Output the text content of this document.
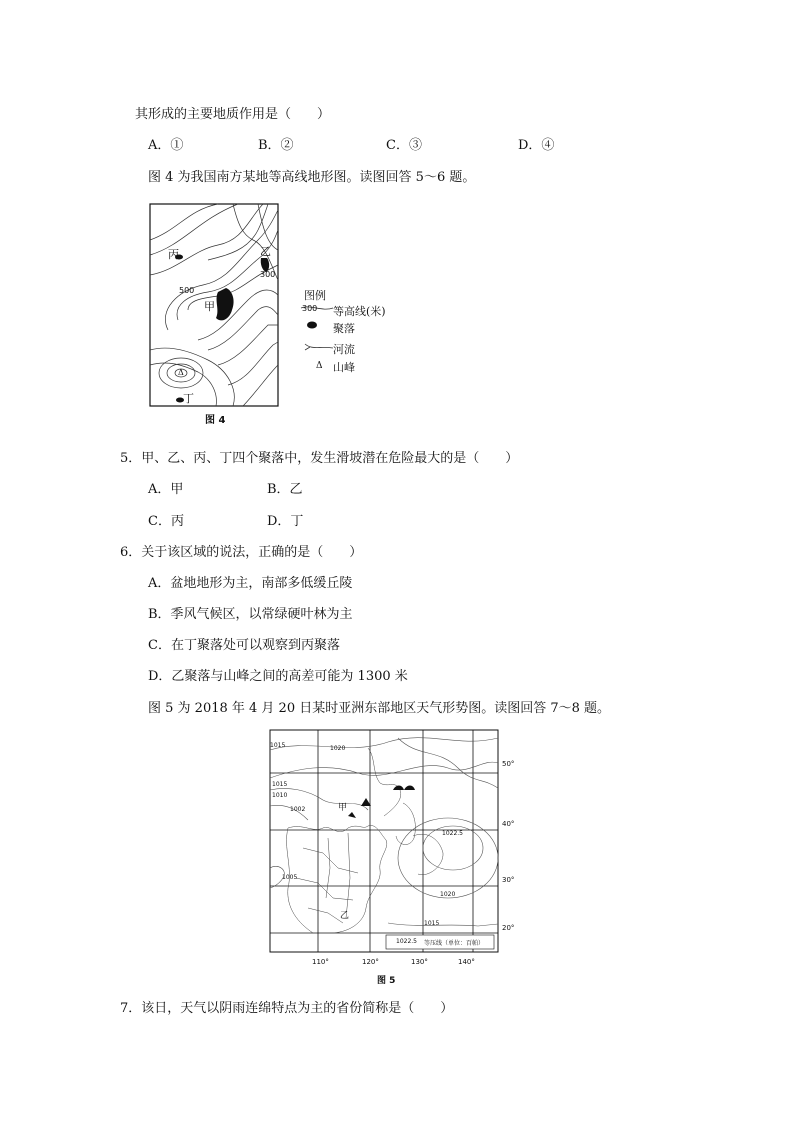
其形成的主要地质作用是（　　）
A．①	B．②	C．③	D．④
图 4 为我国南方某地等高线地形图。读图回答 5～6 题。
Δ
丙	乙
300
500
甲
丁
图 4
图例
300 等高线(米)
聚落
河流
Δ 山峰
5．甲、乙、丙、丁四个聚落中，发生滑坡潜在危险最大的是（　　）
A．甲	B．乙
C．丙	D．丁
6．关于该区域的说法，正确的是（　　）
A．盆地地形为主，南部多低缓丘陵
B．季风气候区，以常绿硬叶林为主
C．在丁聚落处可以观察到丙聚落
D．乙聚落与山峰之间的高差可能为 1300 米
图 5 为 2018 年 4 月 20 日某时亚洲东部地区天气形势图。读图回答 7～8 题。
1015	1020
1015
1010
1002
1005
1022.5
1020
1015
甲
乙
1022.5 等压线（单位：百帕）
50°
40°
30°
20°
110°	120°	130°	140°
图 5
7．该日，天气以阴雨连绵特点为主的省份简称是（　　）
